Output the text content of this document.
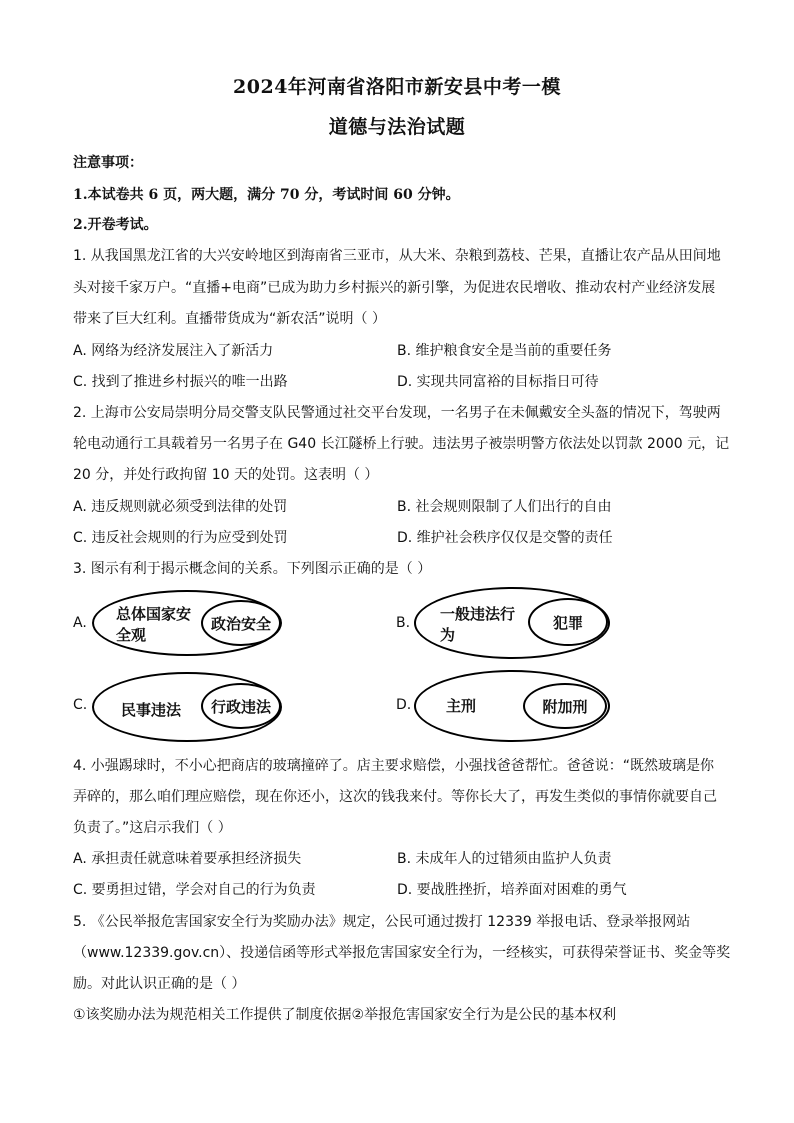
2024年河南省洛阳市新安县中考一模
道德与法治试题
注意事项：
1.本试卷共 6 页，两大题，满分 70 分，考试时间 60 分钟。
2.开卷考试。
1. 从我国黑龙江省的大兴安岭地区到海南省三亚市，从大米、杂粮到荔枝、芒果，直播让农产品从田间地
头对接千家万户。“直播+电商”已成为助力乡村振兴的新引擎，为促进农民增收、推动农村产业经济发展
带来了巨大红利。直播带货成为“新农活”说明（ ）
A. 网络为经济发展注入了新活力	B. 维护粮食安全是当前的重要任务
C. 找到了推进乡村振兴的唯一出路	D. 实现共同富裕的目标指日可待
2. 上海市公安局崇明分局交警支队民警通过社交平台发现，一名男子在未佩戴安全头盔的情况下，驾驶两
轮电动通行工具载着另一名男子在 G40 长江隧桥上行驶。违法男子被崇明警方依法处以罚款 2000 元，记
20 分，并处行政拘留 10 天的处罚。这表明（ ）
A. 违反规则就必须受到法律的处罚	B. 社会规则限制了人们出行的自由
C. 违反社会规则的行为应受到处罚	D. 维护社会秩序仅仅是交警的责任
3. 图示有利于揭示概念间的关系。下列图示正确的是（ ）
A. 总体国家安
全观
政治安全	B. 一般违法行
为
犯罪
C. 民事违法 行政违法	D. 主刑	附加刑
4. 小强踢球时，不小心把商店的玻璃撞碎了。店主要求赔偿，小强找爸爸帮忙。爸爸说：“既然玻璃是你
弄碎的，那么咱们理应赔偿，现在你还小，这次的钱我来付。等你长大了，再发生类似的事情你就要自己
负责了。”这启示我们（ ）
A. 承担责任就意味着要承担经济损失	B. 未成年人的过错须由监护人负责
C. 要勇担过错，学会对自己的行为负责	D. 要战胜挫折，培养面对困难的勇气
5. 《公民举报危害国家安全行为奖励办法》规定，公民可通过拨打 12339 举报电话、登录举报网站
（www.12339.gov.cn）、投递信函等形式举报危害国家安全行为，一经核实，可获得荣誉证书、奖金等奖
励。对此认识正确的是（ ）
①该奖励办法为规范相关工作提供了制度依据②举报危害国家安全行为是公民的基本权利
